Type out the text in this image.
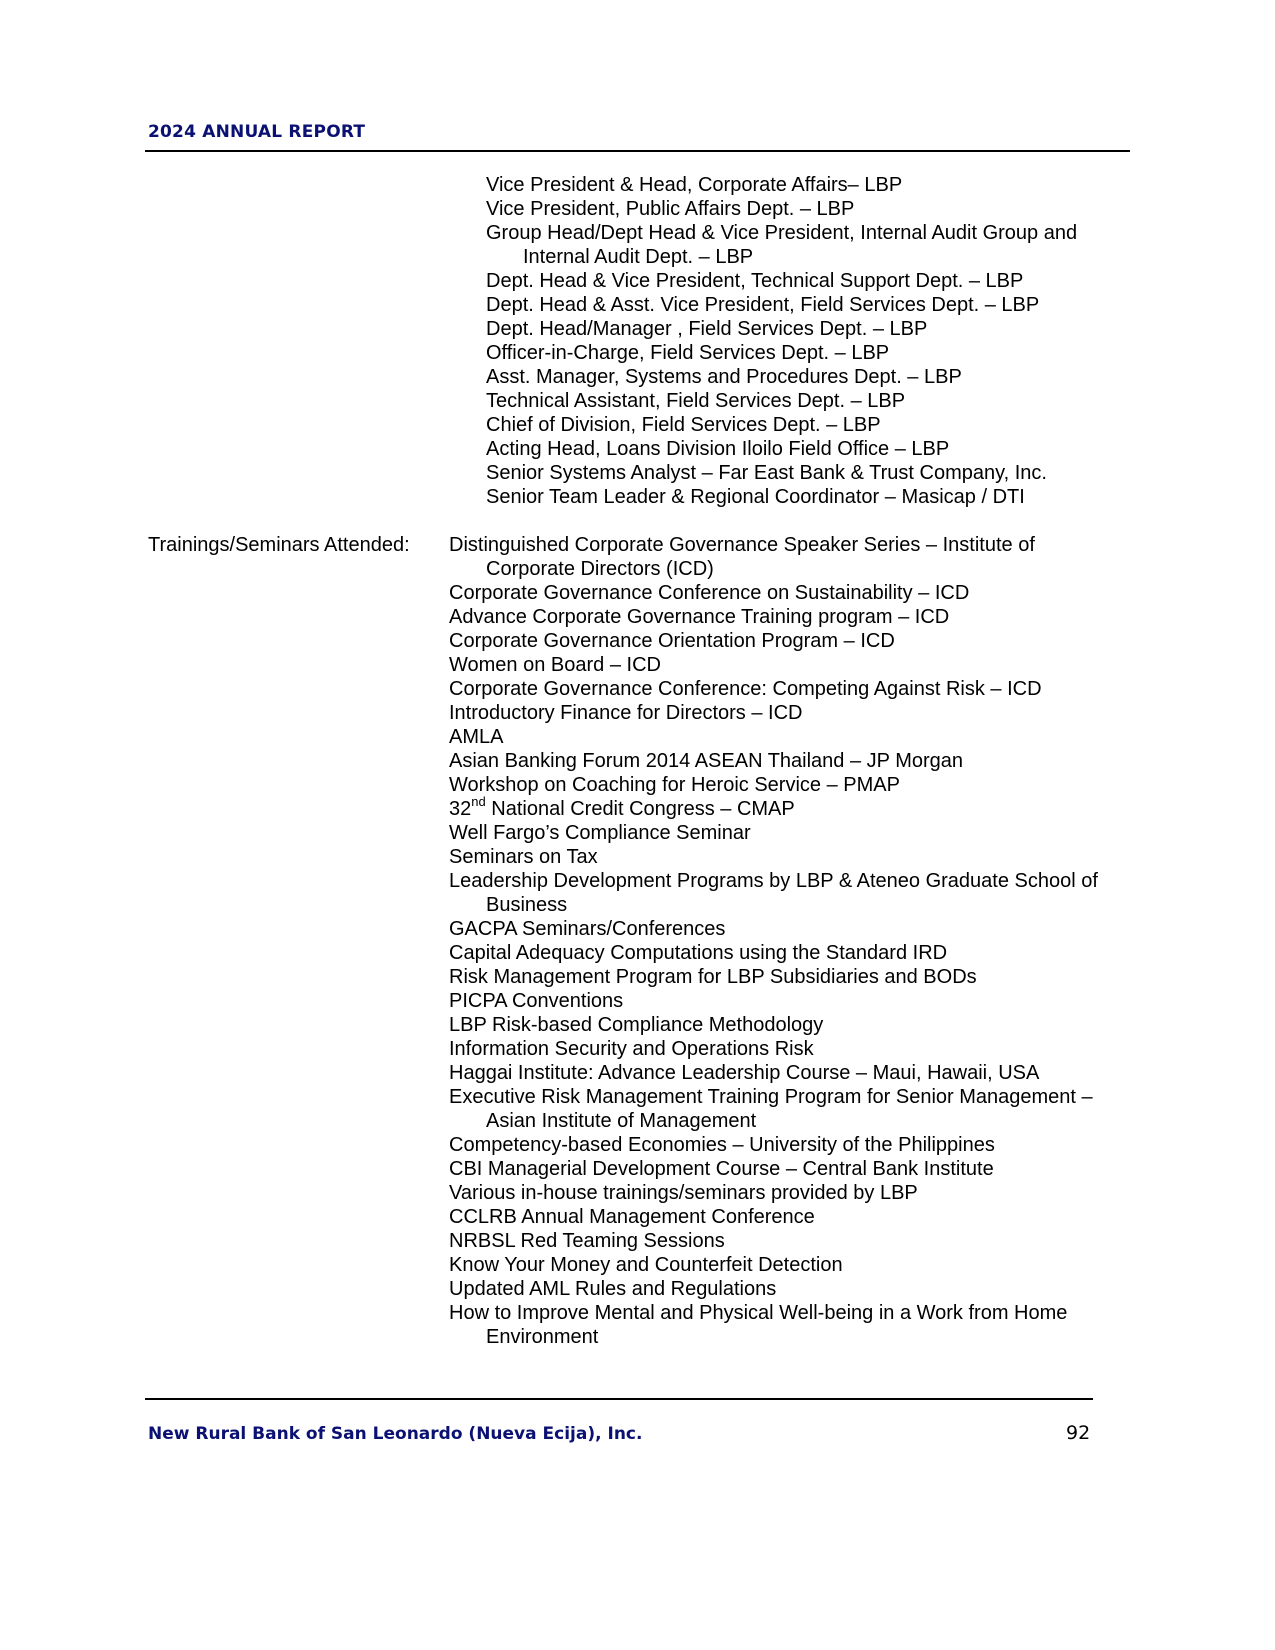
2024 ANNUAL REPORT
Vice President & Head, Corporate Affairs– LBP
Vice President, Public Affairs Dept. – LBP
Group Head/Dept Head & Vice President, Internal Audit Group and Internal Audit Dept. – LBP
Dept. Head & Vice President, Technical Support Dept. – LBP
Dept. Head & Asst. Vice President, Field Services Dept. – LBP
Dept. Head/Manager , Field Services Dept. – LBP
Officer-in-Charge, Field Services Dept. – LBP
Asst. Manager, Systems and Procedures Dept. – LBP
Technical Assistant, Field Services Dept. – LBP
Chief of Division, Field Services Dept. – LBP
Acting Head, Loans Division Iloilo Field Office – LBP
Senior Systems Analyst – Far East Bank & Trust Company, Inc.
Senior Team Leader & Regional Coordinator – Masicap / DTI
Trainings/Seminars Attended: Distinguished Corporate Governance Speaker Series – Institute of Corporate Directors (ICD)
Corporate Governance Conference on Sustainability – ICD
Advance Corporate Governance Training program – ICD
Corporate Governance Orientation Program – ICD
Women on Board – ICD
Corporate Governance Conference: Competing Against Risk – ICD
Introductory Finance for Directors – ICD
AMLA
Asian Banking Forum 2014 ASEAN Thailand – JP Morgan
Workshop on Coaching for Heroic Service – PMAP
32nd National Credit Congress – CMAP
Well Fargo’s Compliance Seminar
Seminars on Tax
Leadership Development Programs by LBP & Ateneo Graduate School of Business
GACPA Seminars/Conferences
Capital Adequacy Computations using the Standard IRD
Risk Management Program for LBP Subsidiaries and BODs
PICPA Conventions
LBP Risk-based Compliance Methodology
Information Security and Operations Risk
Haggai Institute: Advance Leadership Course – Maui, Hawaii, USA
Executive Risk Management Training Program for Senior Management – Asian Institute of Management
Competency-based Economies – University of the Philippines
CBI Managerial Development Course – Central Bank Institute
Various in-house trainings/seminars provided by LBP
CCLRB Annual Management Conference
NRBSL Red Teaming Sessions
Know Your Money and Counterfeit Detection
Updated AML Rules and Regulations
How to Improve Mental and Physical Well-being in a Work from Home Environment
New Rural Bank of San Leonardo (Nueva Ecija), Inc.	92
